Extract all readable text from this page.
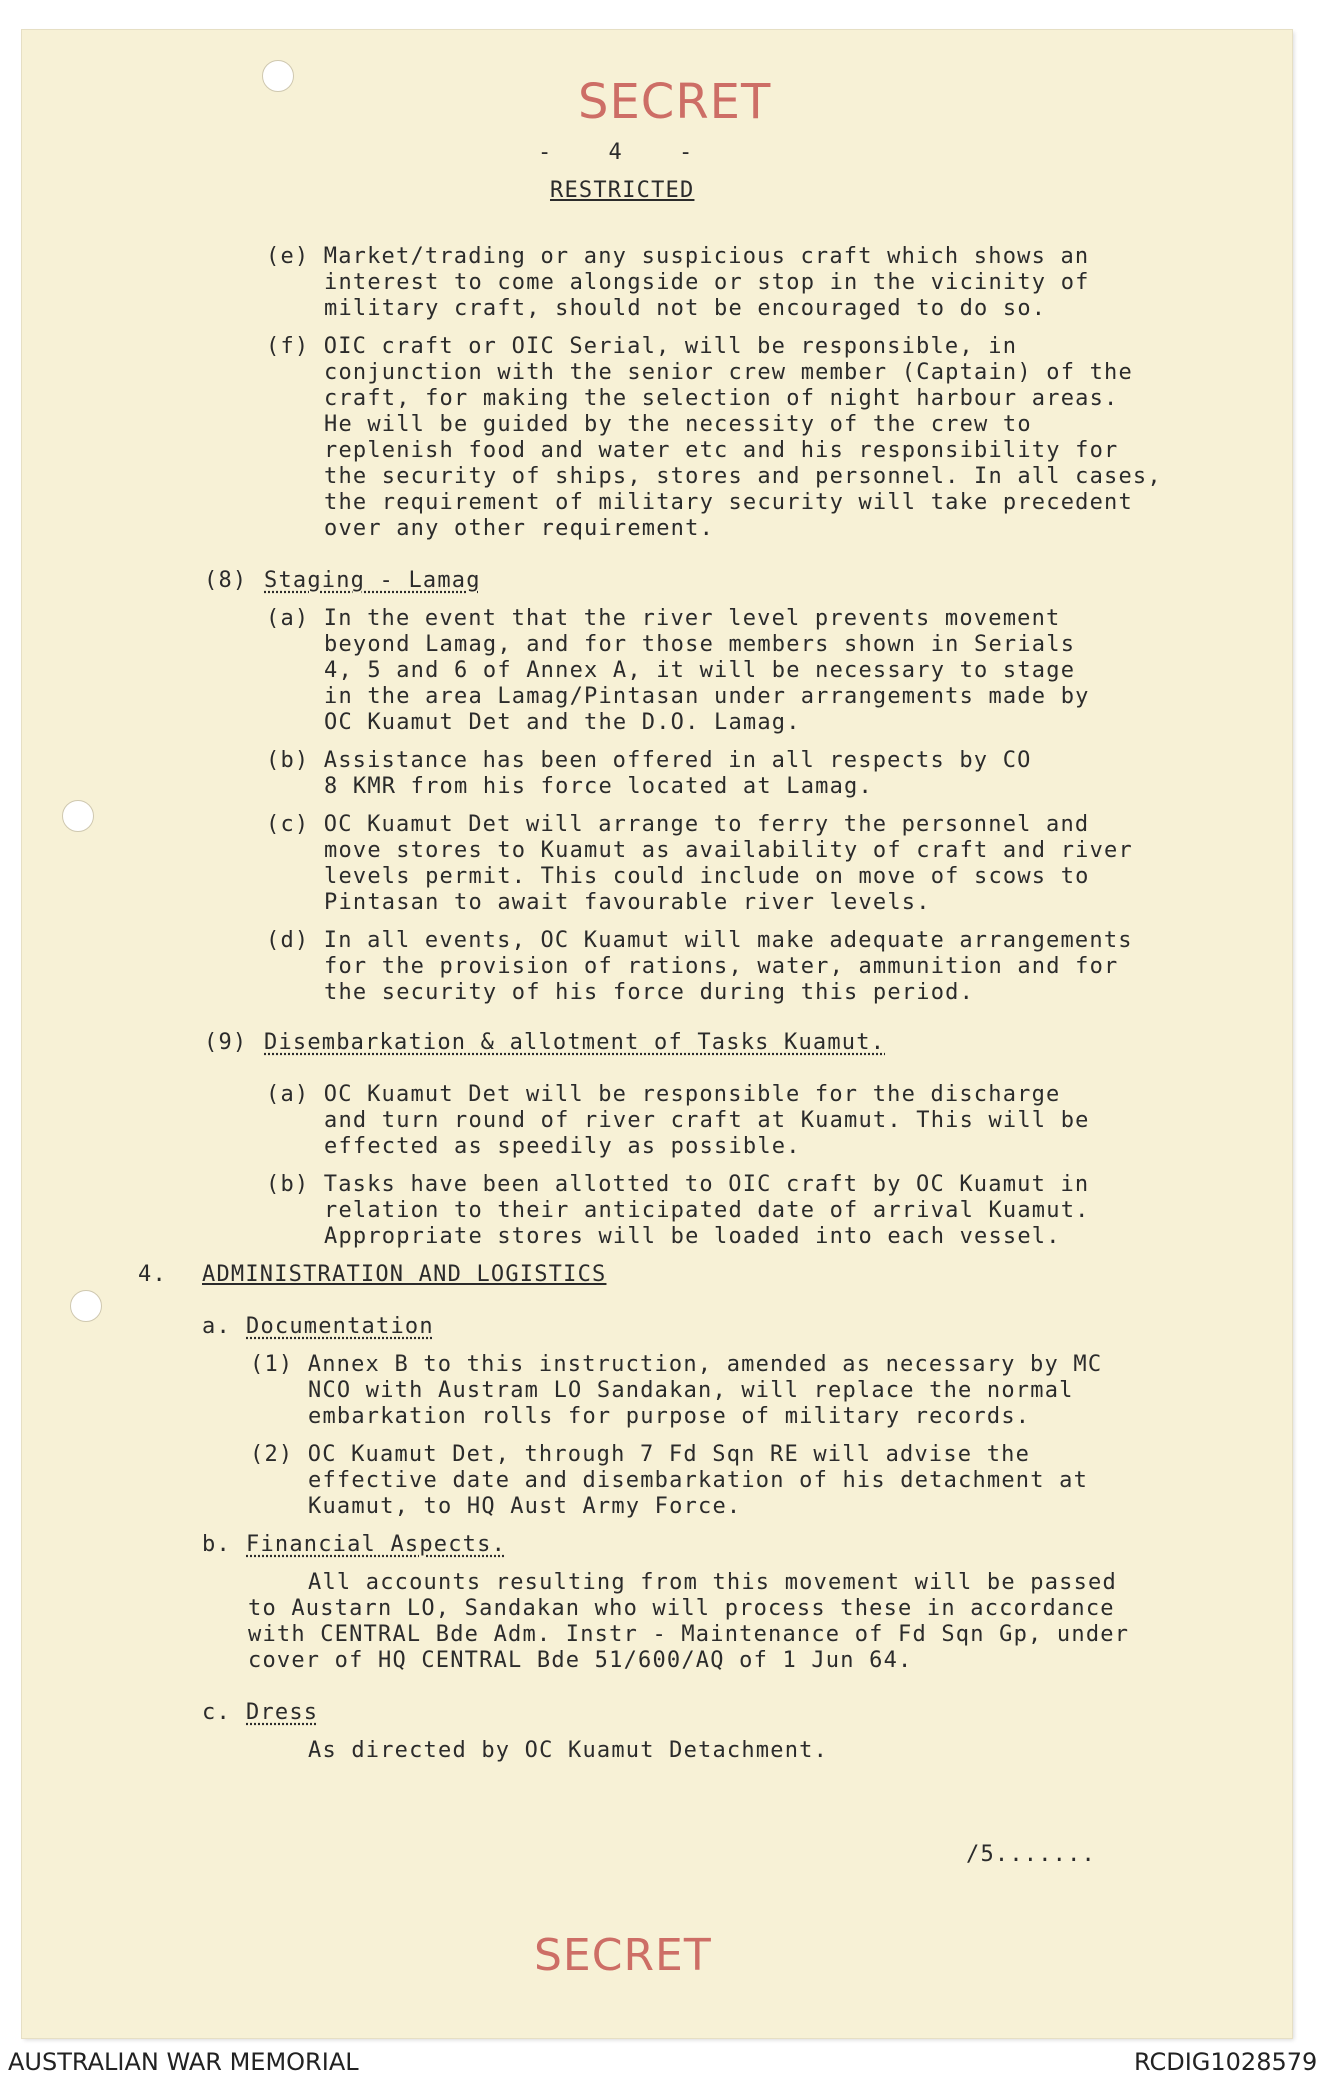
SECRET
- 4 -
RESTRICTED
(e) Market/trading or any suspicious craft which shows an
interest to come alongside or stop in the vicinity of
military craft, should not be encouraged to do so.
(f) OIC craft or OIC Serial, will be responsible, in
conjunction with the senior crew member (Captain) of the
craft, for making the selection of night harbour areas.
He will be guided by the necessity of the crew to
replenish food and water etc and his responsibility for
the security of ships, stores and personnel. In all cases,
the requirement of military security will take precedent
over any other requirement.
(8) Staging - Lamag
(a) In the event that the river level prevents movement
beyond Lamag, and for those members shown in Serials
4, 5 and 6 of Annex A, it will be necessary to stage
in the area Lamag/Pintasan under arrangements made by
OC Kuamut Det and the D.O. Lamag.
(b) Assistance has been offered in all respects by CO
8 KMR from his force located at Lamag.
(c) OC Kuamut Det will arrange to ferry the personnel and
move stores to Kuamut as availability of craft and river
levels permit. This could include on move of scows to
Pintasan to await favourable river levels.
(d) In all events, OC Kuamut will make adequate arrangements
for the provision of rations, water, ammunition and for
the security of his force during this period.
(9) Disembarkation & allotment of Tasks Kuamut.
(a) OC Kuamut Det will be responsible for the discharge
and turn round of river craft at Kuamut. This will be
effected as speedily as possible.
(b) Tasks have been allotted to OIC craft by OC Kuamut in
relation to their anticipated date of arrival Kuamut.
Appropriate stores will be loaded into each vessel.
4. ADMINISTRATION AND LOGISTICS
a. Documentation
(1) Annex B to this instruction, amended as necessary by MC
NCO with Austram LO Sandakan, will replace the normal
embarkation rolls for purpose of military records.
(2) OC Kuamut Det, through 7 Fd Sqn RE will advise the
effective date and disembarkation of his detachment at
Kuamut, to HQ Aust Army Force.
b. Financial Aspects.
All accounts resulting from this movement will be passed
to Austarn LO, Sandakan who will process these in accordance
with CENTRAL Bde Adm. Instr - Maintenance of Fd Sqn Gp, under
cover of HQ CENTRAL Bde 51/600/AQ of 1 Jun 64.
c. Dress
As directed by OC Kuamut Detachment.
/5.......
SECRET
AUSTRALIAN WAR MEMORIAL	RCDIG1028579
